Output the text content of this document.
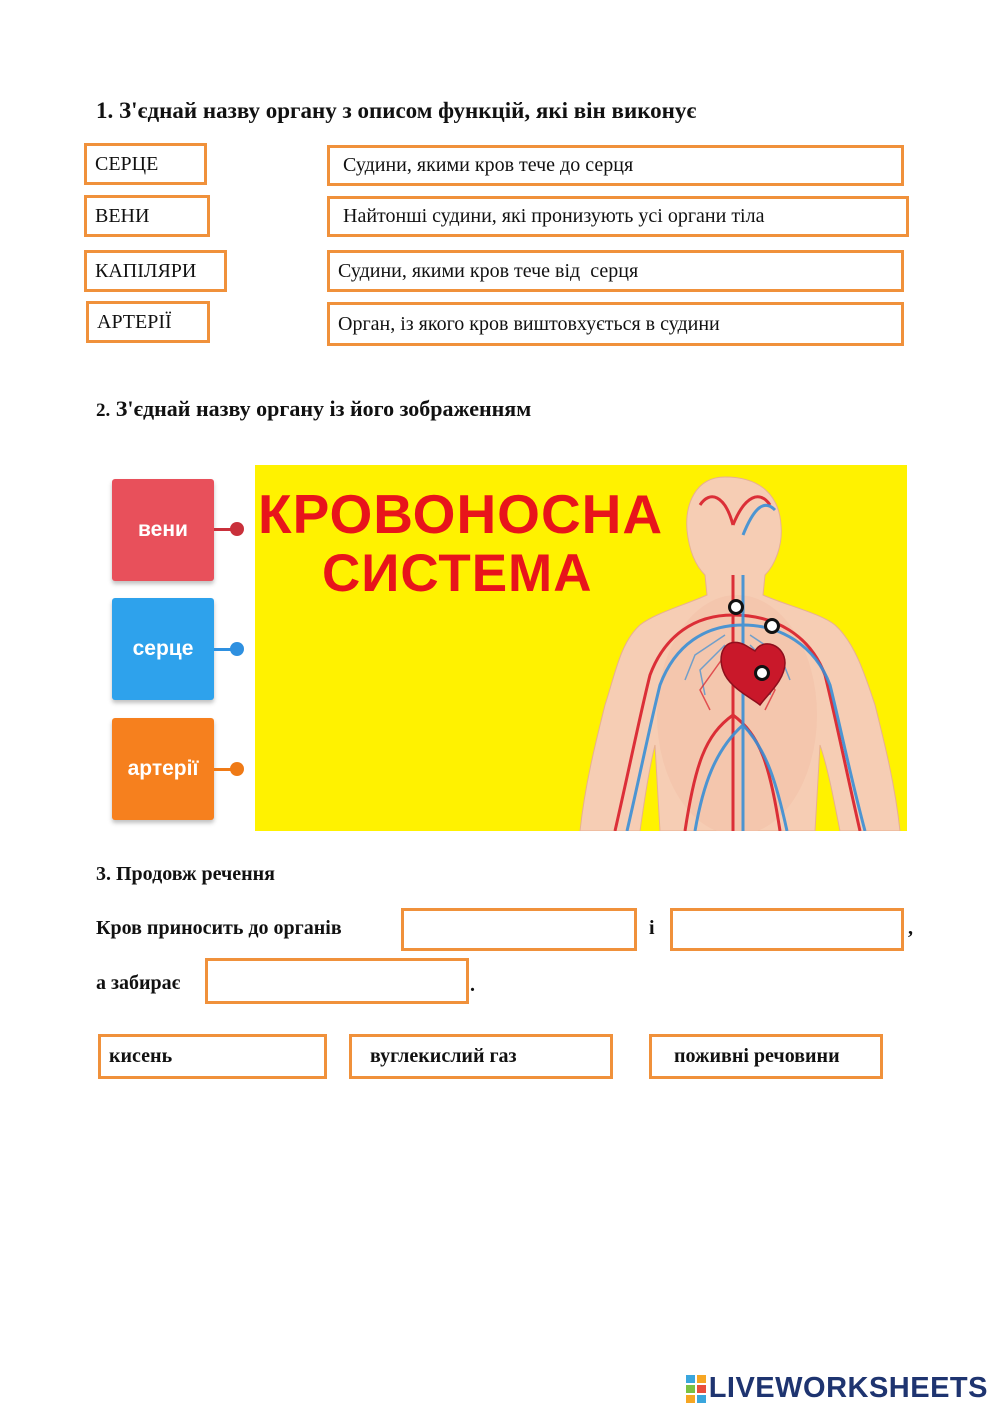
1. З'єднай назву органу з описом функцій, які він виконує
СЕРЦЕ
ВЕНИ
КАПІЛЯРИ
АРТЕРІЇ
Судини, якими кров тече до серця
Найтонші судини, які пронизують усі органи тіла
Судини, якими кров тече від  серця
Орган, із якого кров виштовхується в судини
2. З'єднай назву органу із його зображенням
вени
серце
артерії
КРОВОНОСНА
СИСТЕМА
3. Продовж речення
Кров приносить до органів	і	,
а забирає	.
кисень	вуглекислий газ	поживні речовини
LIVEWORKSHEETS
